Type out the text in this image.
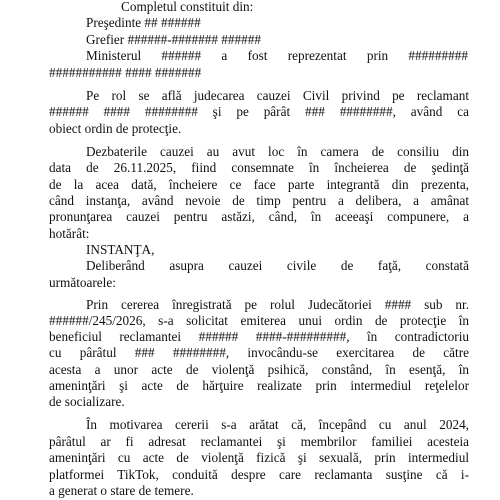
Completul constituit din:
Preşedinte ## ######
Grefier ######-####### ######
Ministerul ###### a fost reprezentat prin #########
########### #### #######
Pe rol se află judecarea cauzei Civil privind pe reclamant
###### #### ######## şi pe pârât ### ########, având ca
obiect ordin de protecţie.
Dezbaterile cauzei au avut loc în camera de consiliu din
data de 26.11.2025, fiind consemnate în încheierea de şedinţă
de la acea dată, încheiere ce face parte integrantă din prezenta,
când instanţa, având nevoie de timp pentru a delibera, a amânat
pronunţarea cauzei pentru astăzi, când, în aceeaşi compunere, a
hotărât:
INSTANŢA,
Deliberând asupra cauzei civile de faţă, constată
următoarele:
Prin cererea înregistrată pe rolul Judecătoriei #### sub nr.
######/245/2026, s-a solicitat emiterea unui ordin de protecţie în
beneficiul reclamantei ###### ####-#########, în contradictoriu
cu pârâtul ### ########, invocându-se exercitarea de către
acesta a unor acte de violenţă psihică, constând, în esenţă, în
ameninţări şi acte de hărţuire realizate prin intermediul reţelelor
de socializare.
În motivarea cererii s-a arătat că, începând cu anul 2024,
pârâtul ar fi adresat reclamantei şi membrilor familiei acesteia
ameninţări cu acte de violenţă fizică şi sexuală, prin intermediul
platformei TikTok, conduită despre care reclamanta susţine că i-
a generat o stare de temere.
